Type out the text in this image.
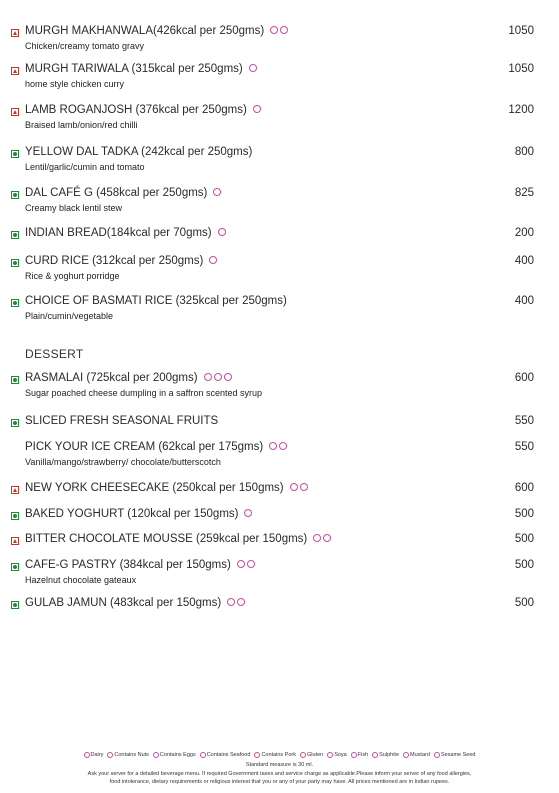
MURGH MAKHANWALA(426kcal per 250gms)
Chicken/creamy tomato gravy
1050
MURGH TARIWALA (315kcal per 250gms)
home style chicken curry
1050
LAMB ROGANJOSH (376kcal per 250gms)
Braised lamb/onion/red chilli
1200
YELLOW DAL TADKA (242kcal per 250gms)
Lentil/garlic/cumin and tomato
800
DAL CAFÉ G (458kcal per 250gms)
Creamy black lentil stew
825
INDIAN BREAD(184kcal per 70gms)	200
CURD RICE (312kcal per 250gms)
Rice & yoghurt porridge
400
CHOICE OF BASMATI RICE (325kcal per 250gms)
Plain/cumin/vegetable
400
RASMALAI (725kcal per 200gms)
Sugar poached cheese dumpling in a saffron scented syrup
600
SLICED FRESH SEASONAL FRUITS	550
PICK YOUR ICE CREAM (62kcal per 175gms)
Vanilla/mango/strawberry/ chocolate/butterscotch
550
NEW YORK CHEESECAKE (250kcal per 150gms)	600
BAKED YOGHURT (120kcal per 150gms)	500
BITTER CHOCOLATE MOUSSE (259kcal per 150gms)	500
CAFE-G PASTRY (384kcal per 150gms)
Hazelnut chocolate gateaux
500
GULAB JAMUN (483kcal per 150gms)	500
DESSERT
Dairy Contains Nuts Contains Eggs Contains Seafood Contains Pork Gluten Soya Fish Sulphite Mustard Sesame Seed
Standard measure is 30 ml.
Ask your server for a detailed beverage menu. If required Government taxes and service charge as applicable.Please inform your server of any food allergies,
food intolerance, dietary requirements or religious interest that you or any of your party may have. All prices mentioned are in Indian rupees.
